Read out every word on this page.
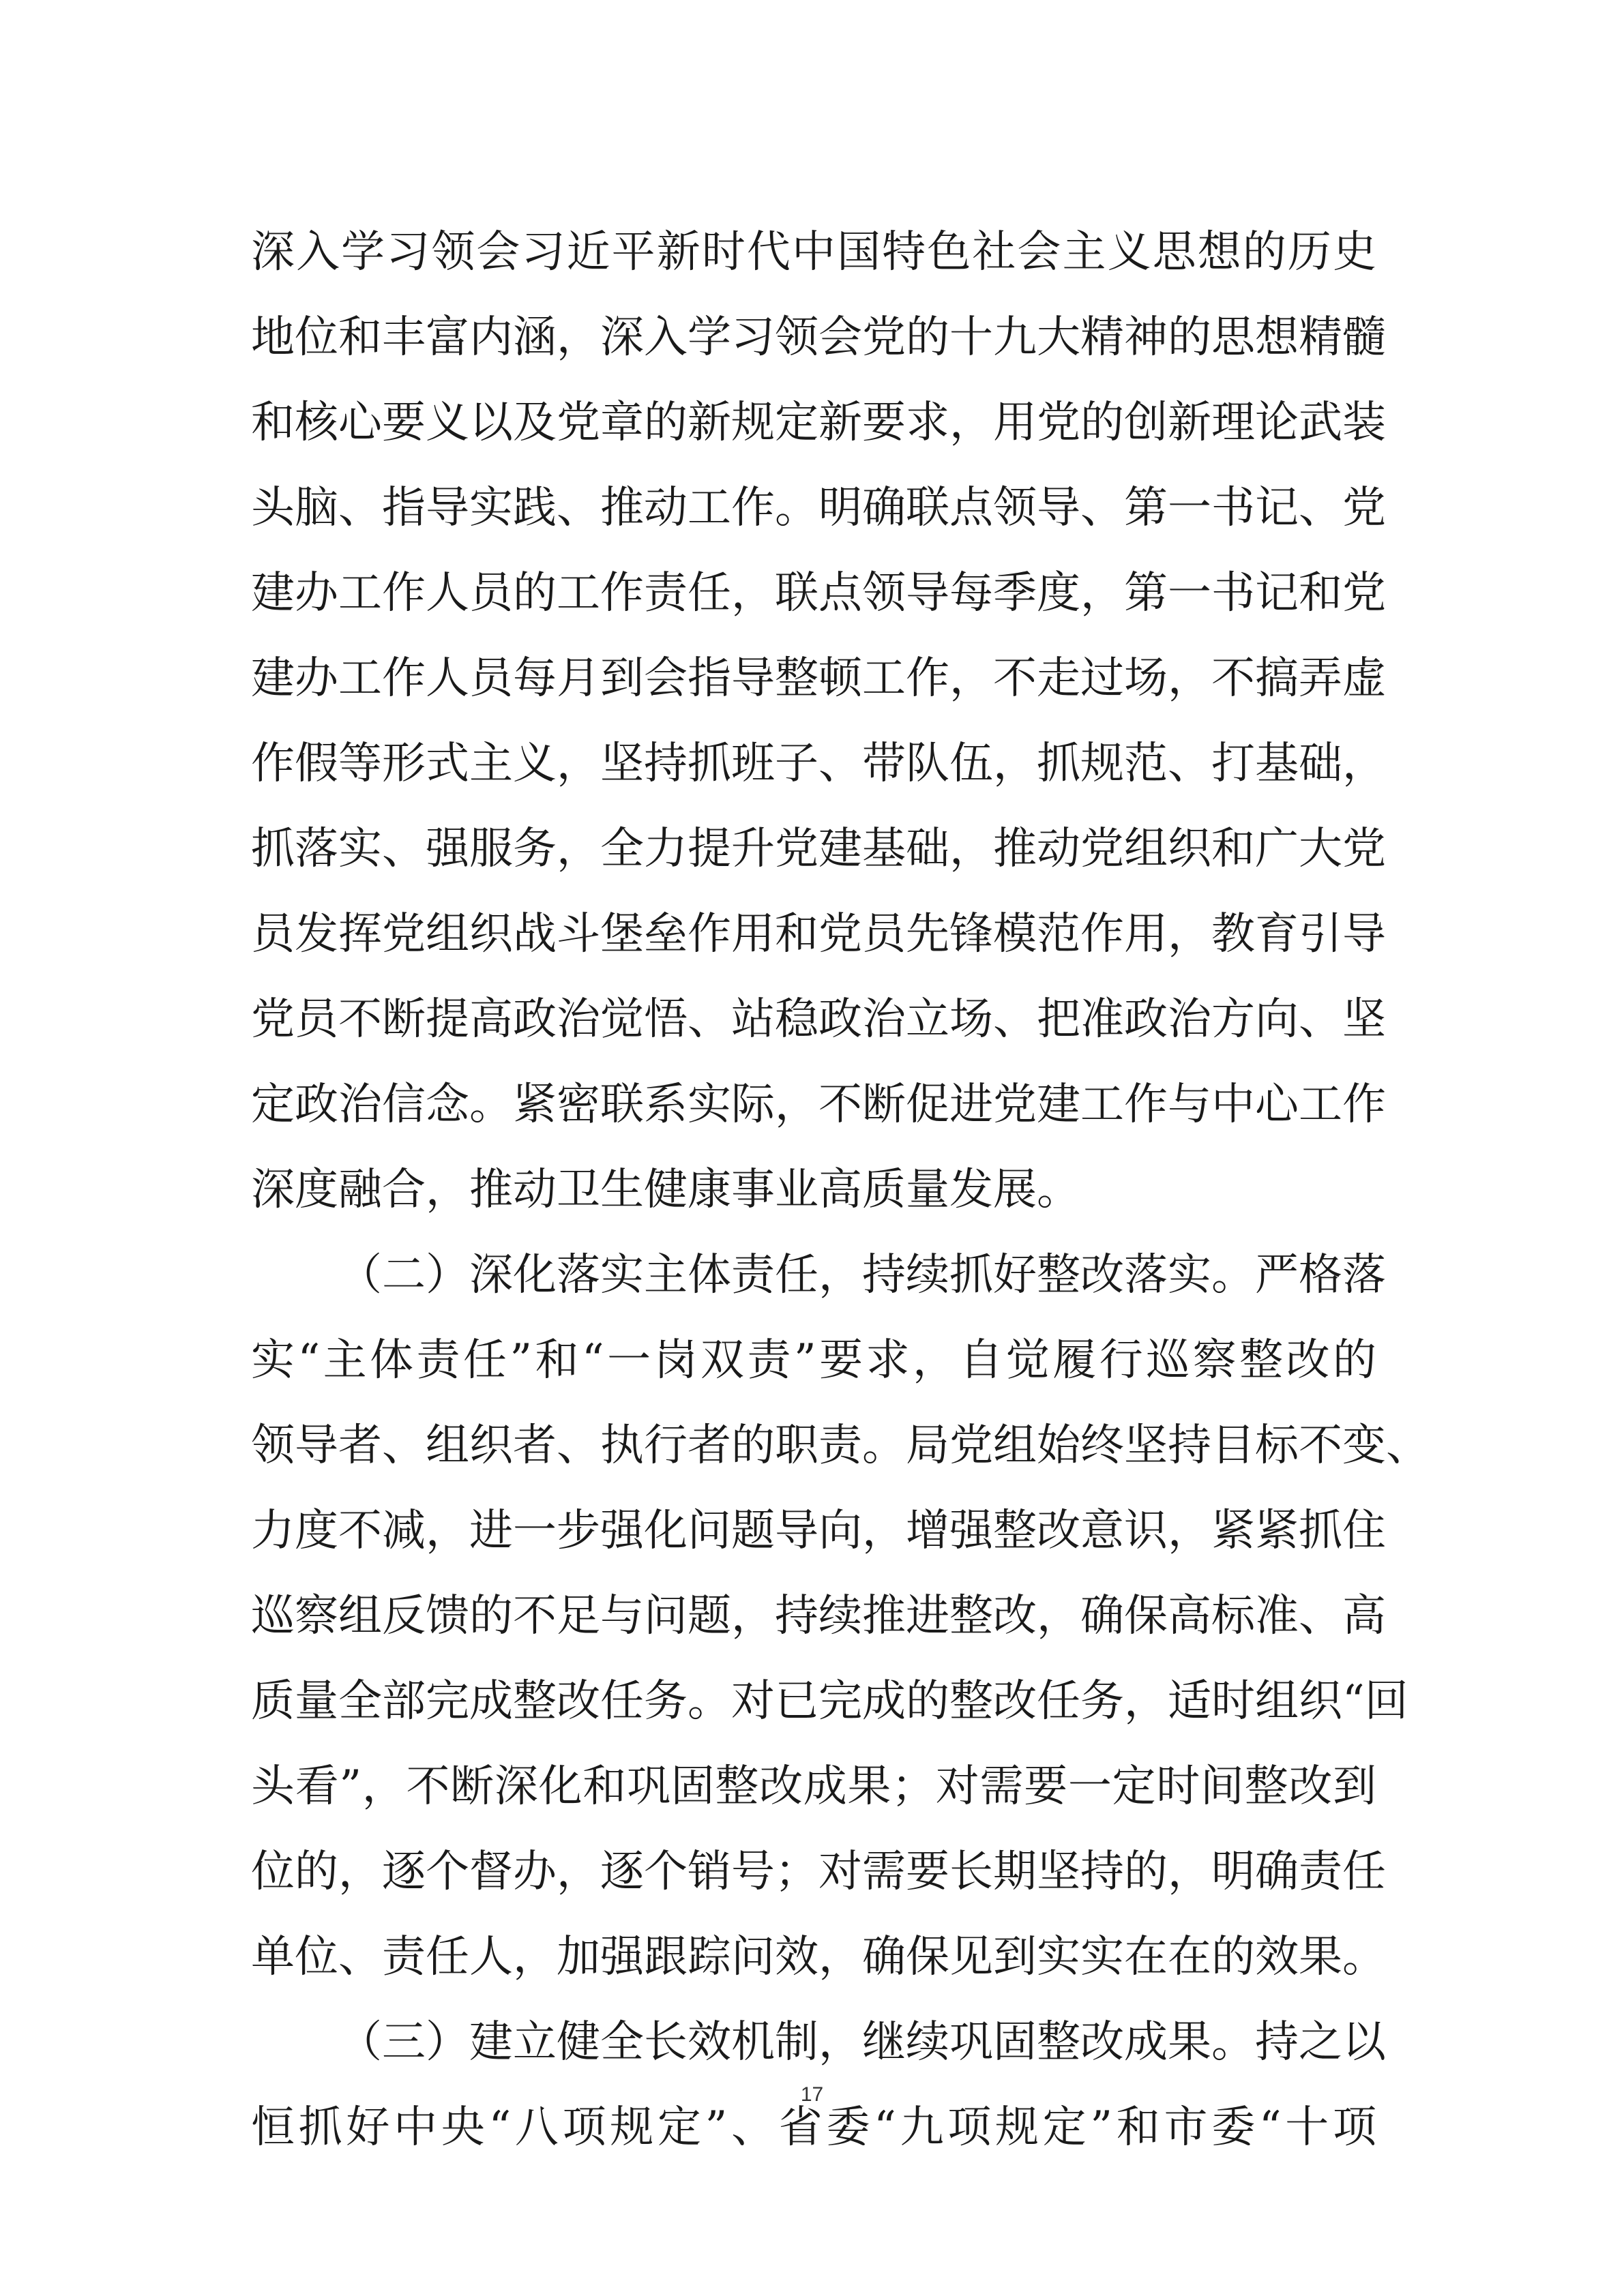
深入学习领会习近平新时代中国特色社会主义思想的历史
地位和丰富内涵，深入学习领会党的十九大精神的思想精髓
和核心要义以及党章的新规定新要求，用党的创新理论武装
头脑、指导实践、推动工作。明确联点领导、第一书记、党
建办工作人员的工作责任，联点领导每季度，第一书记和党
建办工作人员每月到会指导整顿工作，不走过场，不搞弄虚
作假等形式主义，坚持抓班子、带队伍，抓规范、打基础，
抓落实、强服务，全力提升党建基础，推动党组织和广大党
员发挥党组织战斗堡垒作用和党员先锋模范作用，教育引导
党员不断提高政治觉悟、站稳政治立场、把准政治方向、坚
定政治信念。紧密联系实际，不断促进党建工作与中心工作
深度融合，推动卫生健康事业高质量发展。
（二）深化落实主体责任，持续抓好整改落实。严格落
实“主体责任”和“一岗双责”要求，自觉履行巡察整改的
领导者、组织者、执行者的职责。局党组始终坚持目标不变、
力度不减，进一步强化问题导向，增强整改意识，紧紧抓住
巡察组反馈的不足与问题，持续推进整改，确保高标准、高
质量全部完成整改任务。对已完成的整改任务，适时组织“回
头看”，不断深化和巩固整改成果；对需要一定时间整改到
位的，逐个督办，逐个销号；对需要长期坚持的，明确责任
单位、责任人，加强跟踪问效，确保见到实实在在的效果。
（三）建立健全长效机制，继续巩固整改成果。持之以
恒抓好中央“八项规定”、省委“九项规定”和市委“十项
17
